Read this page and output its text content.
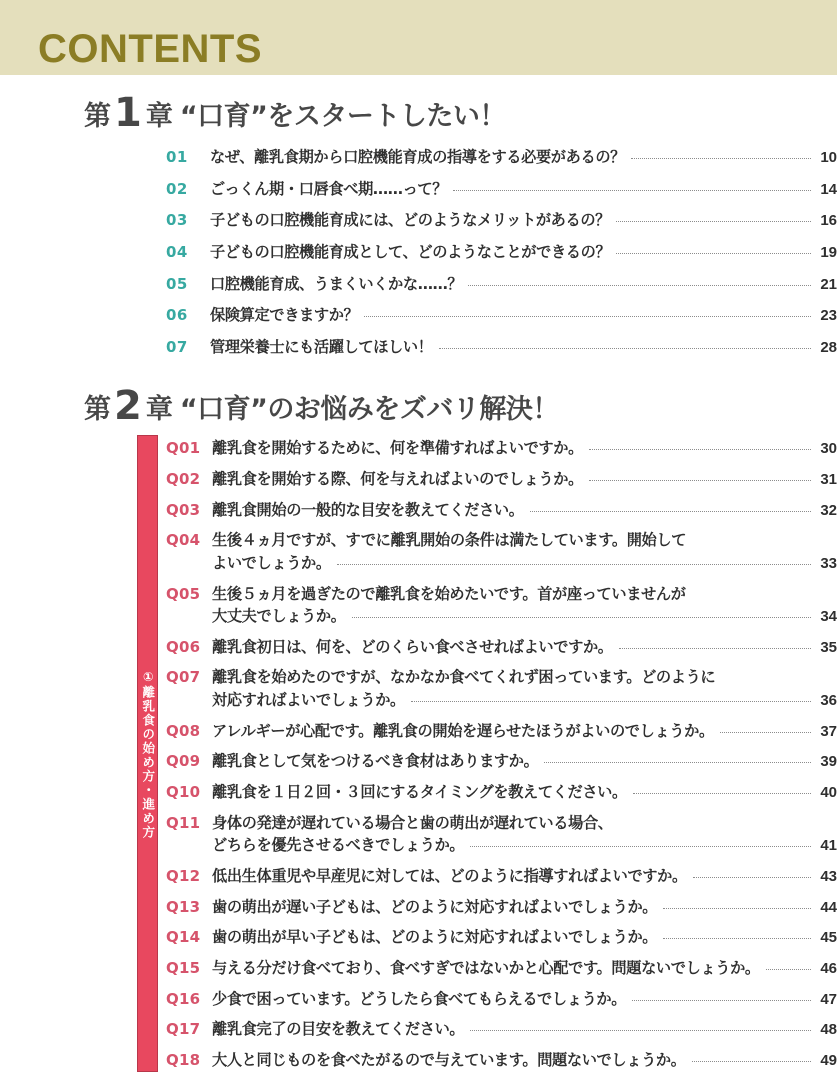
CONTENTS
第 1 章 “口育”をスタートしたい！
01	なぜ、離乳食期から口腔機能育成の指導をする必要があるの？	10
02	ごっくん期・口唇食べ期……って？	14
03	子どもの口腔機能育成には、どのようなメリットがあるの？	16
04	子どもの口腔機能育成として、どのようなことができるの？	19
05	口腔機能育成、うまくいくかな……？	21
06	保険算定できますか？	23
07	管理栄養士にも活躍してほしい！	28
第 2 章 “口育”のお悩みをズバリ解決！
①離乳食の始め方・進め方
Q01 離乳食を開始するために、何を準備すればよいですか。	30
Q02 離乳食を開始する際、何を与えればよいのでしょうか。	31
Q03 離乳食開始の一般的な目安を教えてください。	32
Q04 生後４ヵ月ですが、すでに離乳開始の条件は満たしています。開始して
よいでしょうか。	33
Q05 生後５ヵ月を過ぎたので離乳食を始めたいです。首が座っていませんが
大丈夫でしょうか。	34
Q06 離乳食初日は、何を、どのくらい食べさせればよいですか。	35
Q07 離乳食を始めたのですが、なかなか食べてくれず困っています。どのように
対応すればよいでしょうか。	36
Q08 アレルギーが心配です。離乳食の開始を遅らせたほうがよいのでしょうか。	37
Q09 離乳食として気をつけるべき食材はありますか。	39
Q10 離乳食を１日２回・３回にするタイミングを教えてください。	40
Q11 身体の発達が遅れている場合と歯の萌出が遅れている場合、
どちらを優先させるべきでしょうか。	41
Q12 低出生体重児や早産児に対しては、どのように指導すればよいですか。	43
Q13 歯の萌出が遅い子どもは、どのように対応すればよいでしょうか。	44
Q14 歯の萌出が早い子どもは、どのように対応すればよいでしょうか。	45
Q15 与える分だけ食べており、食べすぎではないかと心配です。問題ないでしょうか。	46
Q16 少食で困っています。どうしたら食べてもらえるでしょうか。	47
Q17 離乳食完了の目安を教えてください。	48
Q18 大人と同じものを食べたがるので与えています。問題ないでしょうか。	49
